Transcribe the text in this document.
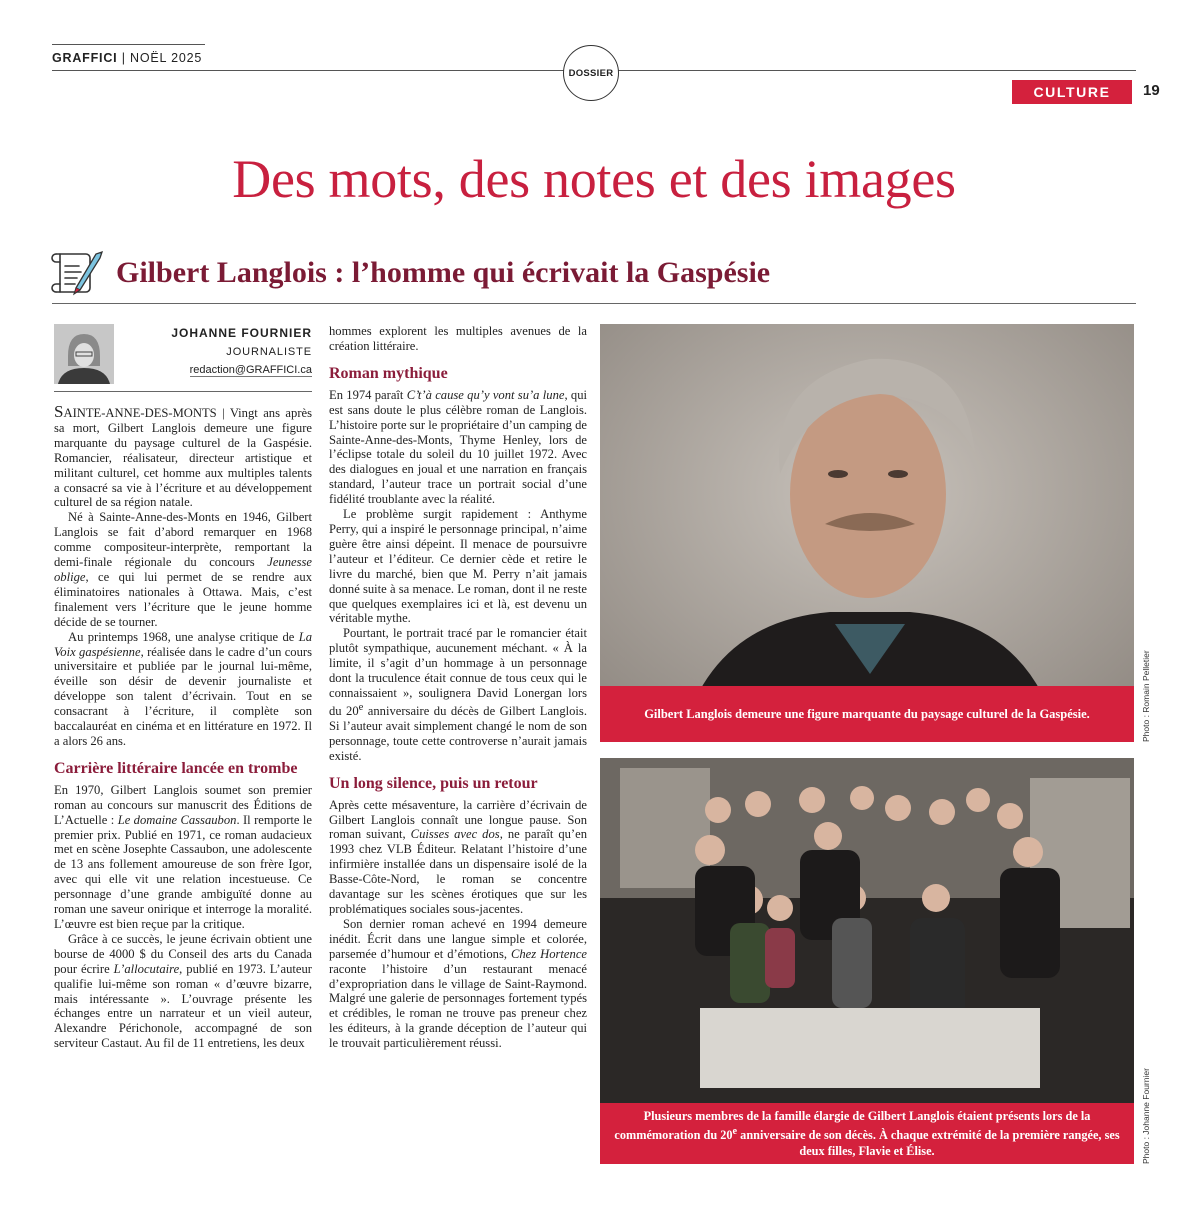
GRAFFICI | NOËL 2025
DOSSIER
CULTURE	19
Des mots, des notes et des images
Gilbert Langlois : l’homme qui écrivait la Gaspésie
JOHANNE FOURNIER
JOURNALISTE
redaction@GRAFFICI.ca

SAINTE-ANNE-DES-MONTS | Vingt ans après sa mort, Gilbert Langlois demeure une figure marquante du paysage culturel de la Gaspésie. Romancier, réalisateur, directeur artistique et militant culturel, cet homme aux multiples talents a consacré sa vie à l’écriture et au développement culturel de sa région natale.

Né à Sainte-Anne-des-Monts en 1946, Gilbert Langlois se fait d’abord remarquer en 1968 comme compositeur-interprète, remportant la demi-finale régionale du concours Jeunesse oblige, ce qui lui permet de se rendre aux éliminatoires nationales à Ottawa. Mais, c’est finalement vers l’écriture que le jeune homme décide de se tourner.

Au printemps 1968, une analyse critique de La Voix gaspésienne, réalisée dans le cadre d’un cours universitaire et publiée par le journal lui-même, éveille son désir de devenir journaliste et développe son talent d’écrivain. Tout en se consacrant à l’écriture, il complète son baccalauréat en cinéma et en littérature en 1972. Il a alors 26 ans.

Carrière littéraire lancée en trombe

En 1970, Gilbert Langlois soumet son premier roman au concours sur manuscrit des Éditions de L’Actuelle : Le domaine Cassaubon. Il remporte le premier prix. Publié en 1971, ce roman audacieux met en scène Josephte Cassaubon, une adolescente de 13 ans follement amoureuse de son frère Igor, avec qui elle vit une relation incestueuse. Ce personnage d’une grande ambiguïté donne au roman une saveur onirique et interroge la moralité. L’œuvre est bien reçue par la critique.

Grâce à ce succès, le jeune écrivain obtient une bourse de 4000 $ du Conseil des arts du Canada pour écrire L’allocutaire, publié en 1973. L’auteur qualifie lui-même son roman « d’œuvre bizarre, mais intéressante ». L’ouvrage présente les échanges entre un narrateur et un vieil auteur, Alexandre Périchonole, accompagné de son serviteur Castaut. Au fil de 11 entretiens, les deux

hommes explorent les multiples avenues de la création littéraire.

Roman mythique

En 1974 paraît C’t’à cause qu’y vont su’a lune, qui est sans doute le plus célèbre roman de Langlois. L’histoire porte sur le propriétaire d’un camping de Sainte-Anne-des-Monts, Thyme Henley, lors de l’éclipse totale du soleil du 10 juillet 1972. Avec des dialogues en joual et une narration en français standard, l’auteur trace un portrait social d’une fidélité troublante avec la réalité.

Le problème surgit rapidement : Anthyme Perry, qui a inspiré le personnage principal, n’aime guère être ainsi dépeint. Il menace de poursuivre l’auteur et l’éditeur. Ce dernier cède et retire le livre du marché, bien que M. Perry n’ait jamais donné suite à sa menace. Le roman, dont il ne reste que quelques exemplaires ici et là, est devenu un véritable mythe.

Pourtant, le portrait tracé par le romancier était plutôt sympathique, aucunement méchant. « À la limite, il s’agit d’un hommage à un personnage dont la truculence était connue de tous ceux qui le connaissaient », soulignera David Lonergan lors du 20e anniversaire du décès de Gilbert Langlois. Si l’auteur avait simplement changé le nom de son personnage, toute cette controverse n’aurait jamais existé.

Un long silence, puis un retour

Après cette mésaventure, la carrière d’écrivain de Gilbert Langlois connaît une longue pause. Son roman suivant, Cuisses avec dos, ne paraît qu’en 1993 chez VLB Éditeur. Relatant l’histoire d’une infirmière installée dans un dispensaire isolé de la Basse-Côte-Nord, le roman se concentre davantage sur les scènes érotiques que sur les problématiques sociales sous-jacentes.

Son dernier roman achevé en 1994 demeure inédit. Écrit dans une langue simple et colorée, parsemée d’humour et d’émotions, Chez Hortence raconte l’histoire d’un restaurant menacé d’expropriation dans le village de Saint-Raymond. Malgré une galerie de personnages fortement typés et crédibles, le roman ne trouve pas preneur chez les éditeurs, à la grande déception de l’auteur qui le trouvait particulièrement réussi.

Gilbert Langlois demeure une figure marquante du paysage culturel de la Gaspésie.	Photo : Romain Pelletier
Plusieurs membres de la famille élargie de Gilbert Langlois étaient présents lors de la commémoration du 20e anniversaire de son décès. À chaque extrémité de la première rangée, ses deux filles, Flavie et Élise.	Photo : Johanne Fournier
